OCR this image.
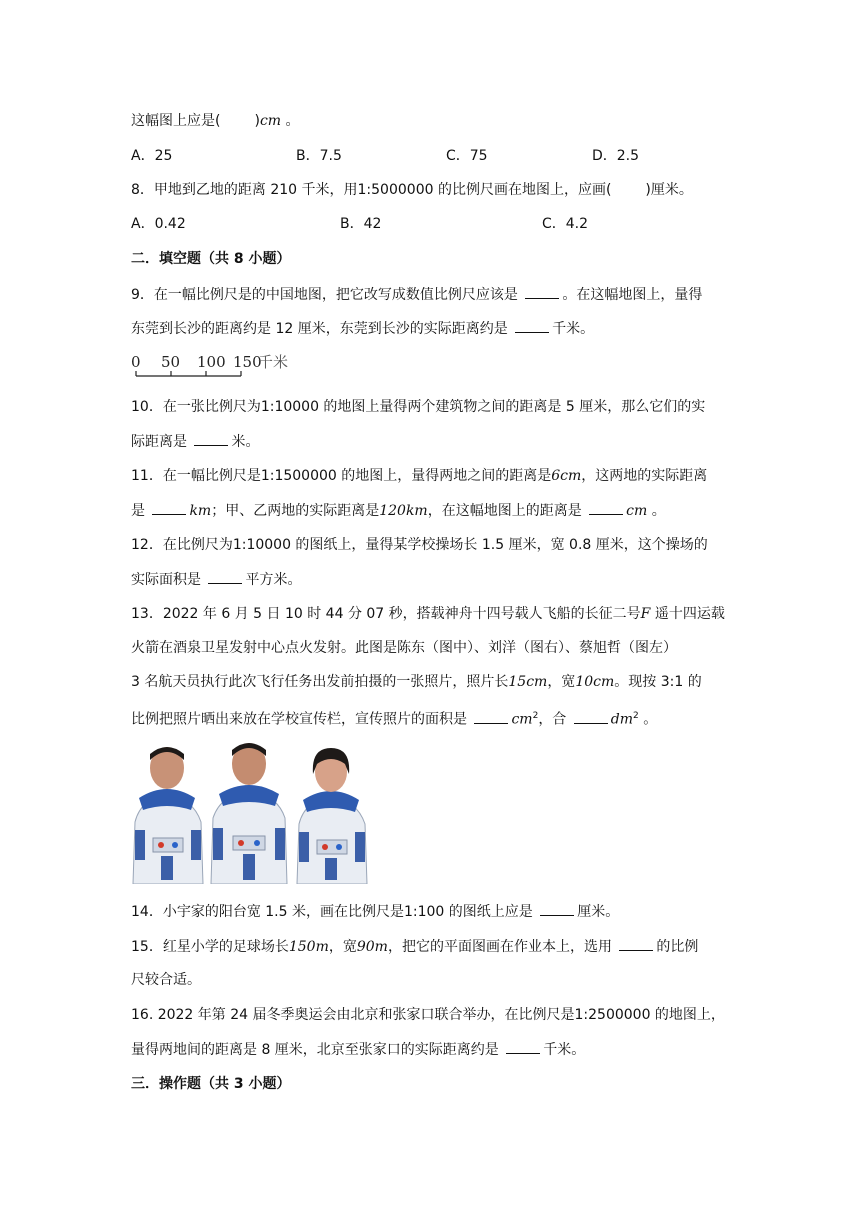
这幅图上应是( )cm 。
A．25	B．7.5	C．75	D．2.5
8．甲地到乙地的距离 210 千米，用1:5000000 的比例尺画在地图上，应画( )厘米。
A．0.42	B．42	C．4.2
二．填空题（共 8 小题）
9．在一幅比例尺是的中国地图，把它改写成数值比例尺应该是	。在这幅地图上，量得
东莞到长沙的距离约是 12 厘米，东莞到长沙的实际距离约是	千米。
0 50 100 150
千米
10．在一张比例尺为1:10000 的地图上量得两个建筑物之间的距离是 5 厘米，那么它们的实
际距离是	米。
11．在一幅比例尺是1:1500000 的地图上，量得两地之间的距离是6cm，这两地的实际距离
是	km；甲、乙两地的实际距离是120km，在这幅地图上的距离是	cm 。
12．在比例尺为1:10000 的图纸上，量得某学校操场长 1.5 厘米，宽 0.8 厘米，这个操场的
实际面积是	平方米。
13．2022 年 6 月 5 日 10 时 44 分 07 秒，搭载神舟十四号载人飞船的长征二号F 遥十四运载
火箭在酒泉卫星发射中心点火发射。此图是陈东（图中）、刘洋（图右）、蔡旭哲（图左）
3 名航天员执行此次飞行任务出发前拍摄的一张照片，照片长15cm，宽10cm。现按 3:1 的
比例把照片晒出来放在学校宣传栏，宣传照片的面积是	$cm^2$，合	$dm^2$ 。
14．小宇家的阳台宽 1.5 米，画在比例尺是1:100 的图纸上应是	厘米。
15．红星小学的足球场长150m，宽90m，把它的平面图画在作业本上，选用	的比例
尺较合适。
16. 2022 年第 24 届冬季奥运会由北京和张家口联合举办，在比例尺是1:2500000 的地图上，
量得两地间的距离是 8 厘米，北京至张家口的实际距离约是	千米。
三．操作题（共 3 小题）
